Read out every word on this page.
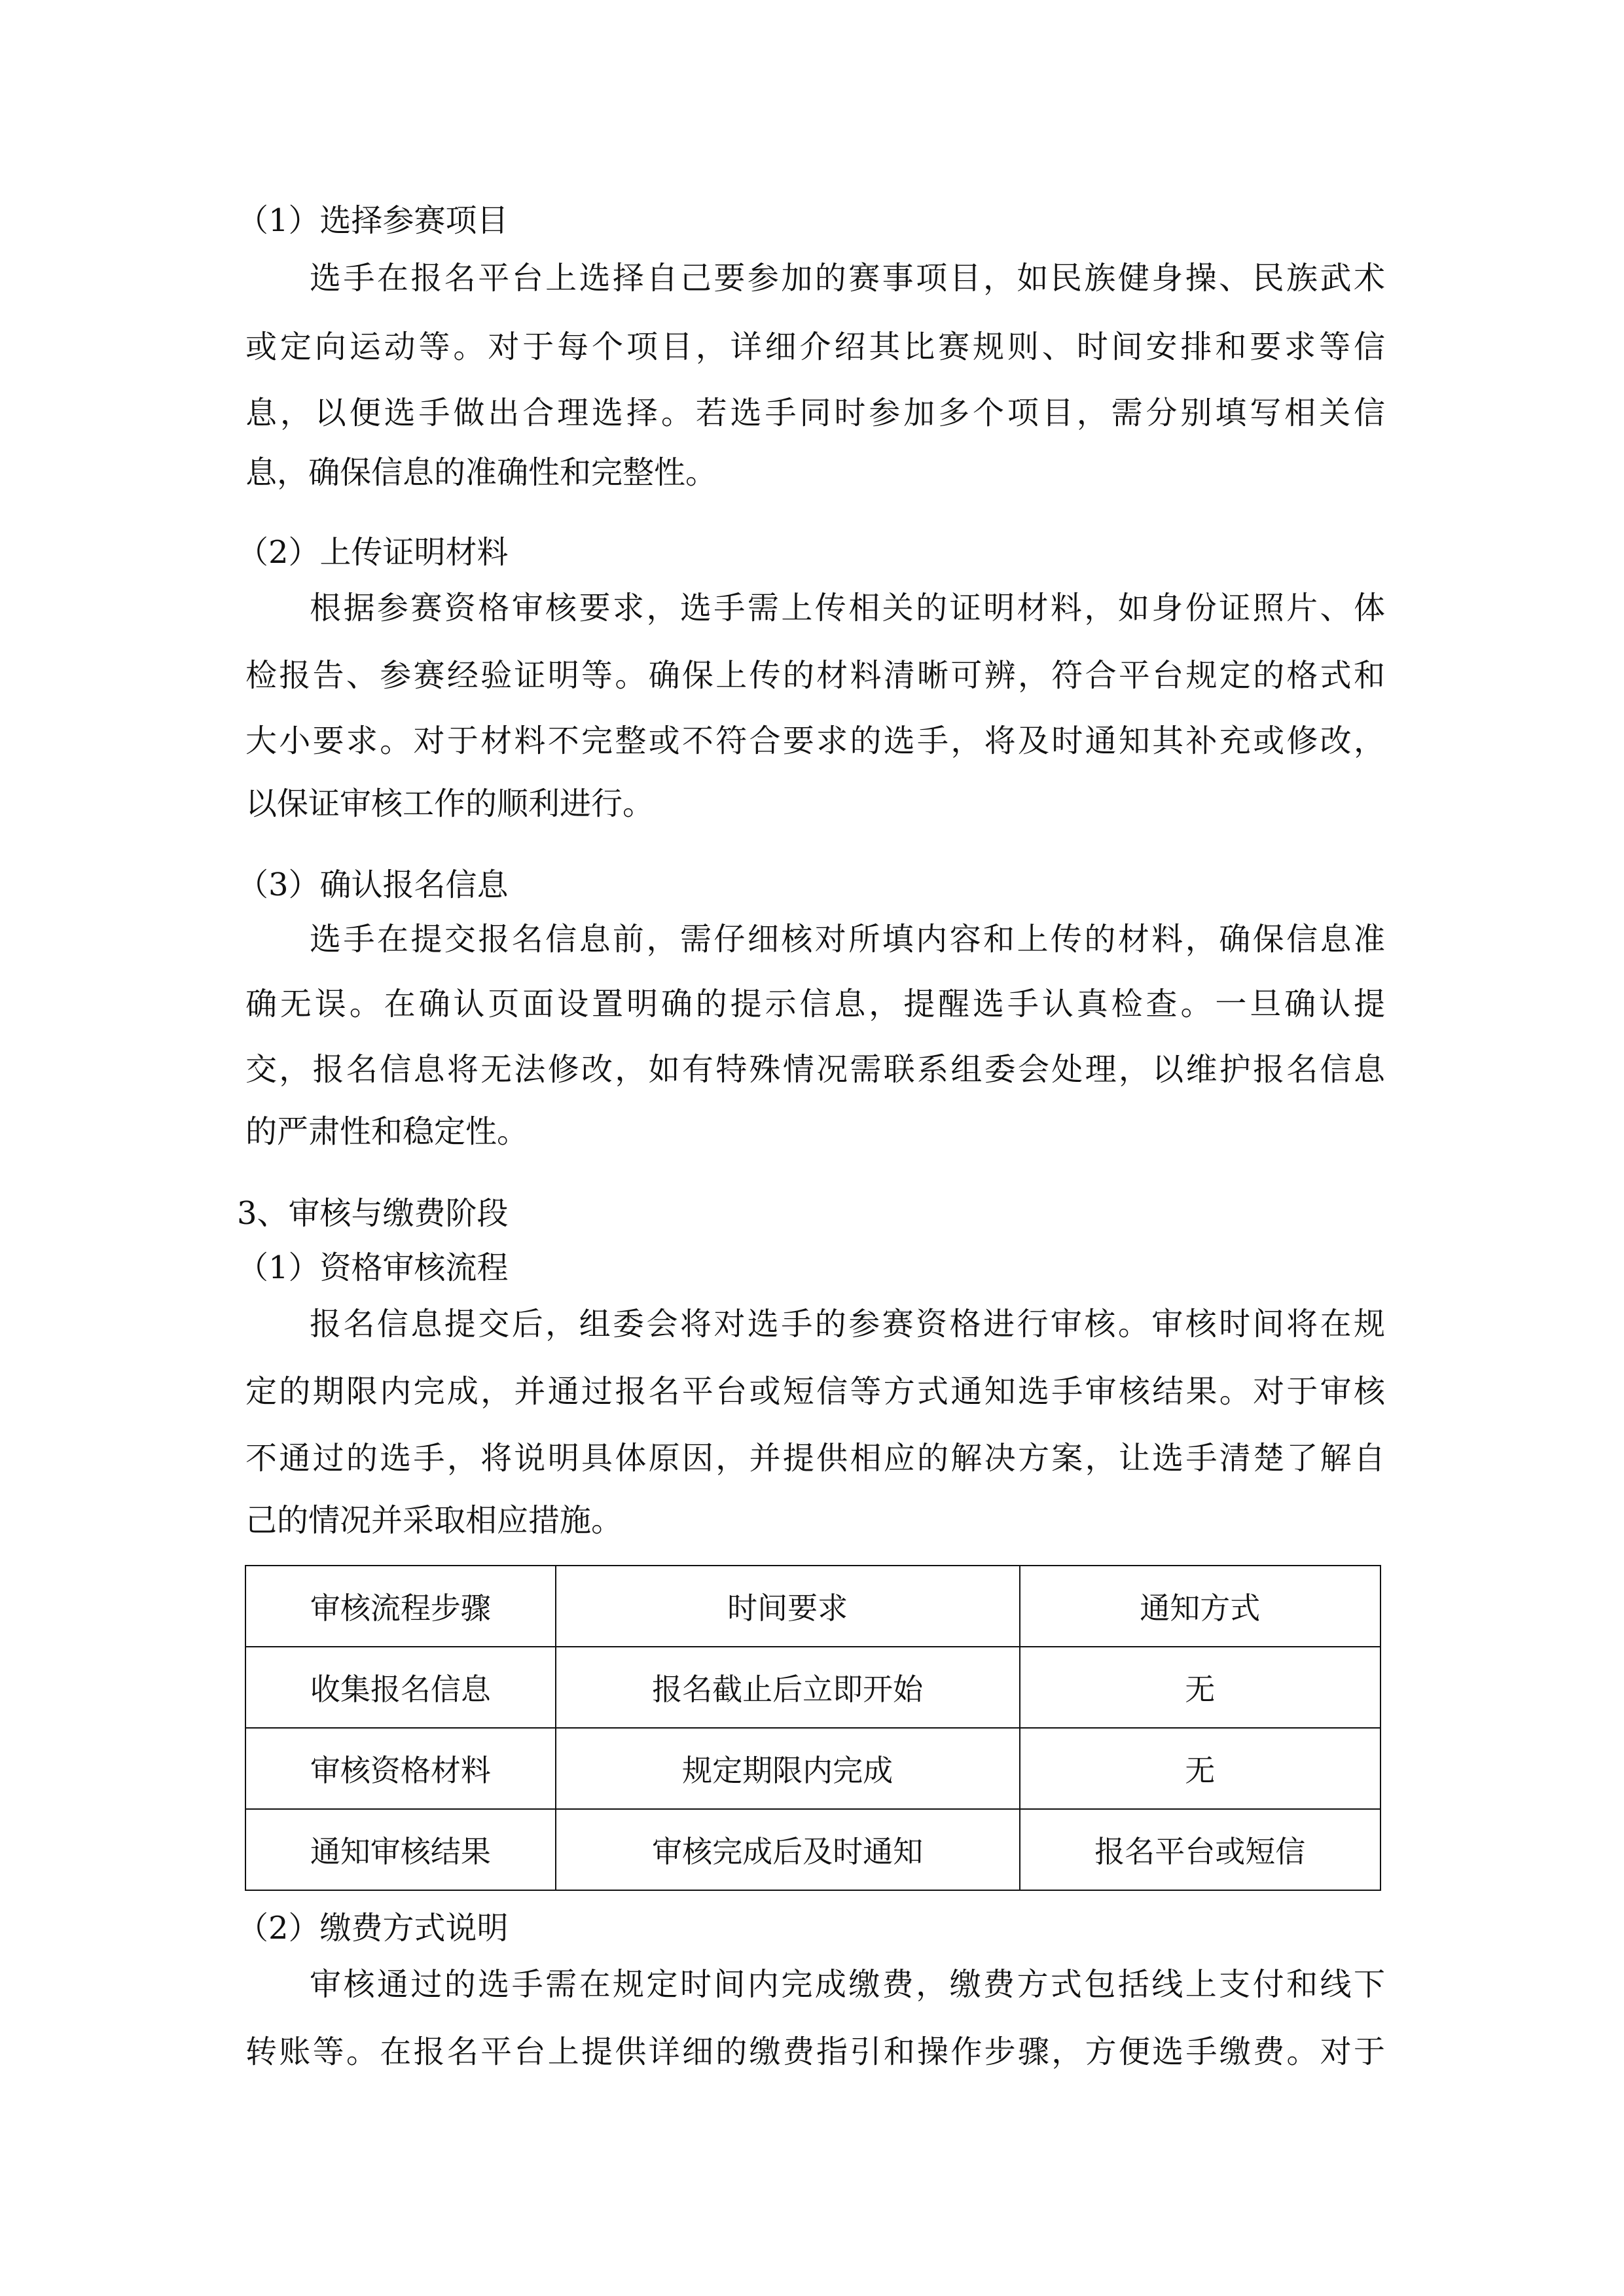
（1）选择参赛项目
选手在报名平台上选择自己要参加的赛事项目，如民族健身操、民族武术
或定向运动等。对于每个项目，详细介绍其比赛规则、时间安排和要求等信
息，以便选手做出合理选择。若选手同时参加多个项目，需分别填写相关信
息，确保信息的准确性和完整性。
（2）上传证明材料
根据参赛资格审核要求，选手需上传相关的证明材料，如身份证照片、体
检报告、参赛经验证明等。确保上传的材料清晰可辨，符合平台规定的格式和
大小要求。对于材料不完整或不符合要求的选手，将及时通知其补充或修改，
以保证审核工作的顺利进行。
（3）确认报名信息
选手在提交报名信息前，需仔细核对所填内容和上传的材料，确保信息准
确无误。在确认页面设置明确的提示信息，提醒选手认真检查。一旦确认提
交，报名信息将无法修改，如有特殊情况需联系组委会处理，以维护报名信息
的严肃性和稳定性。
3、审核与缴费阶段
（1）资格审核流程
报名信息提交后，组委会将对选手的参赛资格进行审核。审核时间将在规
定的期限内完成，并通过报名平台或短信等方式通知选手审核结果。对于审核
不通过的选手，将说明具体原因，并提供相应的解决方案，让选手清楚了解自
己的情况并采取相应措施。
审核流程步骤	时间要求	通知方式
收集报名信息	报名截止后立即开始	无
审核资格材料	规定期限内完成	无
通知审核结果	审核完成后及时通知	报名平台或短信
（2）缴费方式说明
审核通过的选手需在规定时间内完成缴费，缴费方式包括线上支付和线下
转账等。在报名平台上提供详细的缴费指引和操作步骤，方便选手缴费。对于
